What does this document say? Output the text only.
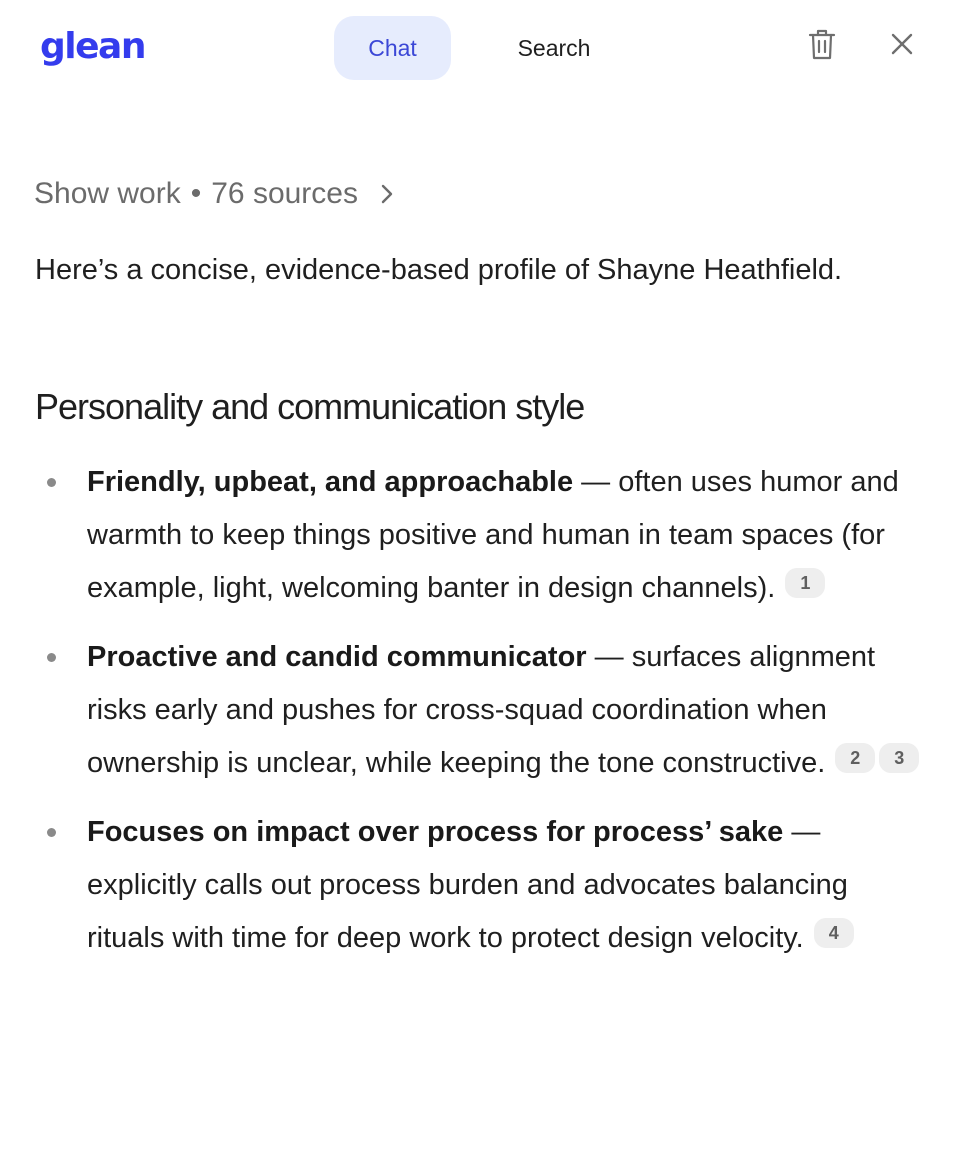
glean	Chat	Search
Show work • 76 sources

Here’s a concise, evidence-based profile of Shayne Heathfield.

Personality and communication style
Friendly, upbeat, and approachable — often uses humor and warmth to keep things positive and human in team spaces (for example, light, welcoming banter in design channels). 1
Proactive and candid communicator — surfaces alignment risks early and pushes for cross-squad coordination when ownership is unclear, while keeping the tone constructive. 2 3
Focuses on impact over process for process’ sake — explicitly calls out process burden and advocates balancing rituals with time for deep work to protect design velocity. 4
